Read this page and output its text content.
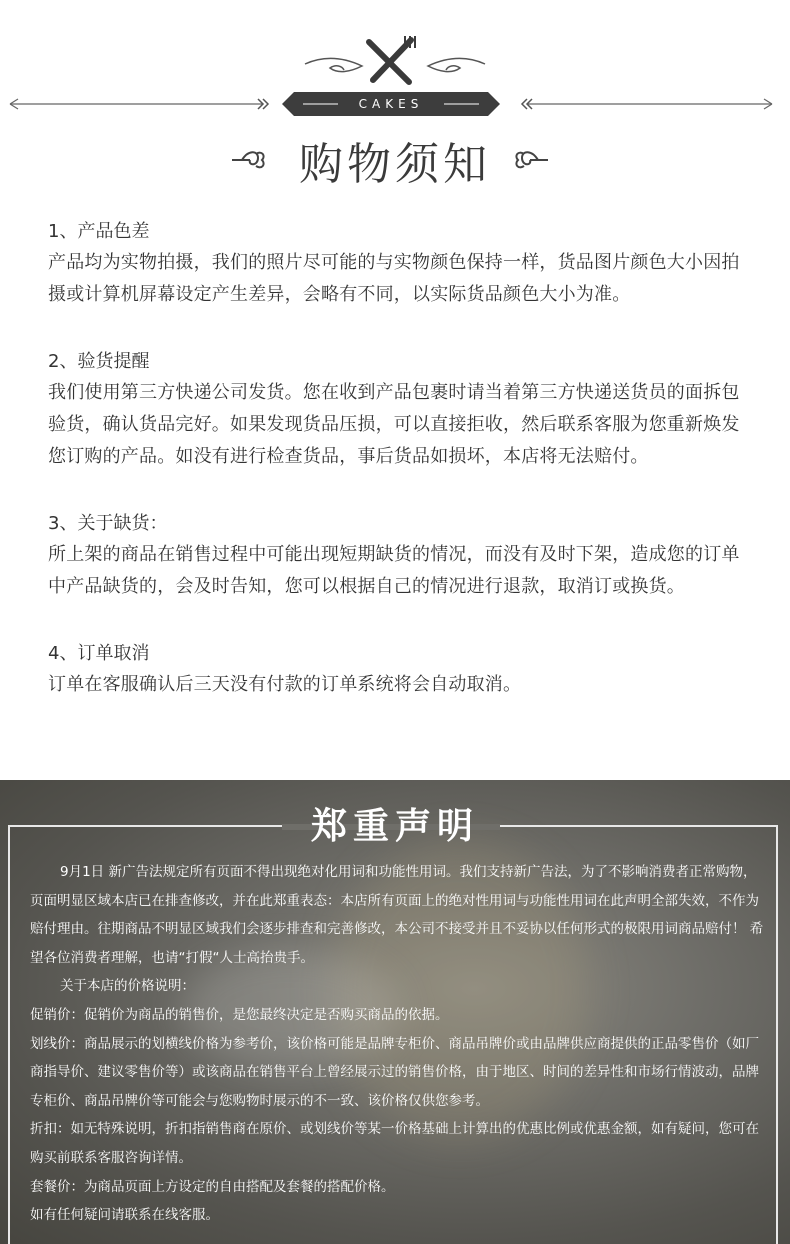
CAKES
购物须知
1、产品色差
产品均为实物拍摄，我们的照片尽可能的与实物颜色保持一样，货品图片颜色大小因拍摄或计算机屏幕设定产生差异，会略有不同，以实际货品颜色大小为准。
2、验货提醒
我们使用第三方快递公司发货。您在收到产品包裹时请当着第三方快递送货员的面拆包验货，确认货品完好。如果发现货品压损，可以直接拒收，然后联系客服为您重新焕发您订购的产品。如没有进行检查货品，事后货品如损坏，本店将无法赔付。
3、关于缺货：
所上架的商品在销售过程中可能出现短期缺货的情况，而没有及时下架，造成您的订单中产品缺货的，会及时告知，您可以根据自己的情况进行退款，取消订或换货。
4、订单取消
订单在客服确认后三天没有付款的订单系统将会自动取消。
郑重声明

9月1日 新广告法规定所有页面不得出现绝对化用词和功能性用词。我们支持新广告法，为了不影响消费者正常购物，页面明显区域本店已在排查修改，并在此郑重表态：本店所有页面上的绝对性用词与功能性用词在此声明全部失效，不作为赔付理由。往期商品不明显区域我们会逐步排查和完善修改，本公司不接受并且不妥协以任何形式的极限用词商品赔付！ 希望各位消费者理解，也请“打假“人士高抬贵手。

关于本店的价格说明：

促销价：促销价为商品的销售价，是您最终决定是否购买商品的依据。

划线价：商品展示的划横线价格为参考价，该价格可能是品牌专柜价、商品吊牌价或由品牌供应商提供的正品零售价（如厂商指导价、建议零售价等）或该商品在销售平台上曾经展示过的销售价格，由于地区、时间的差异性和市场行情波动，品牌专柜价、商品吊牌价等可能会与您购物时展示的不一致、该价格仅供您参考。

折扣：如无特殊说明，折扣指销售商在原价、或划线价等某一价格基础上计算出的优惠比例或优惠金额，如有疑问，您可在购买前联系客服咨询详情。

套餐价：为商品页面上方设定的自由搭配及套餐的搭配价格。

如有任何疑问请联系在线客服。
